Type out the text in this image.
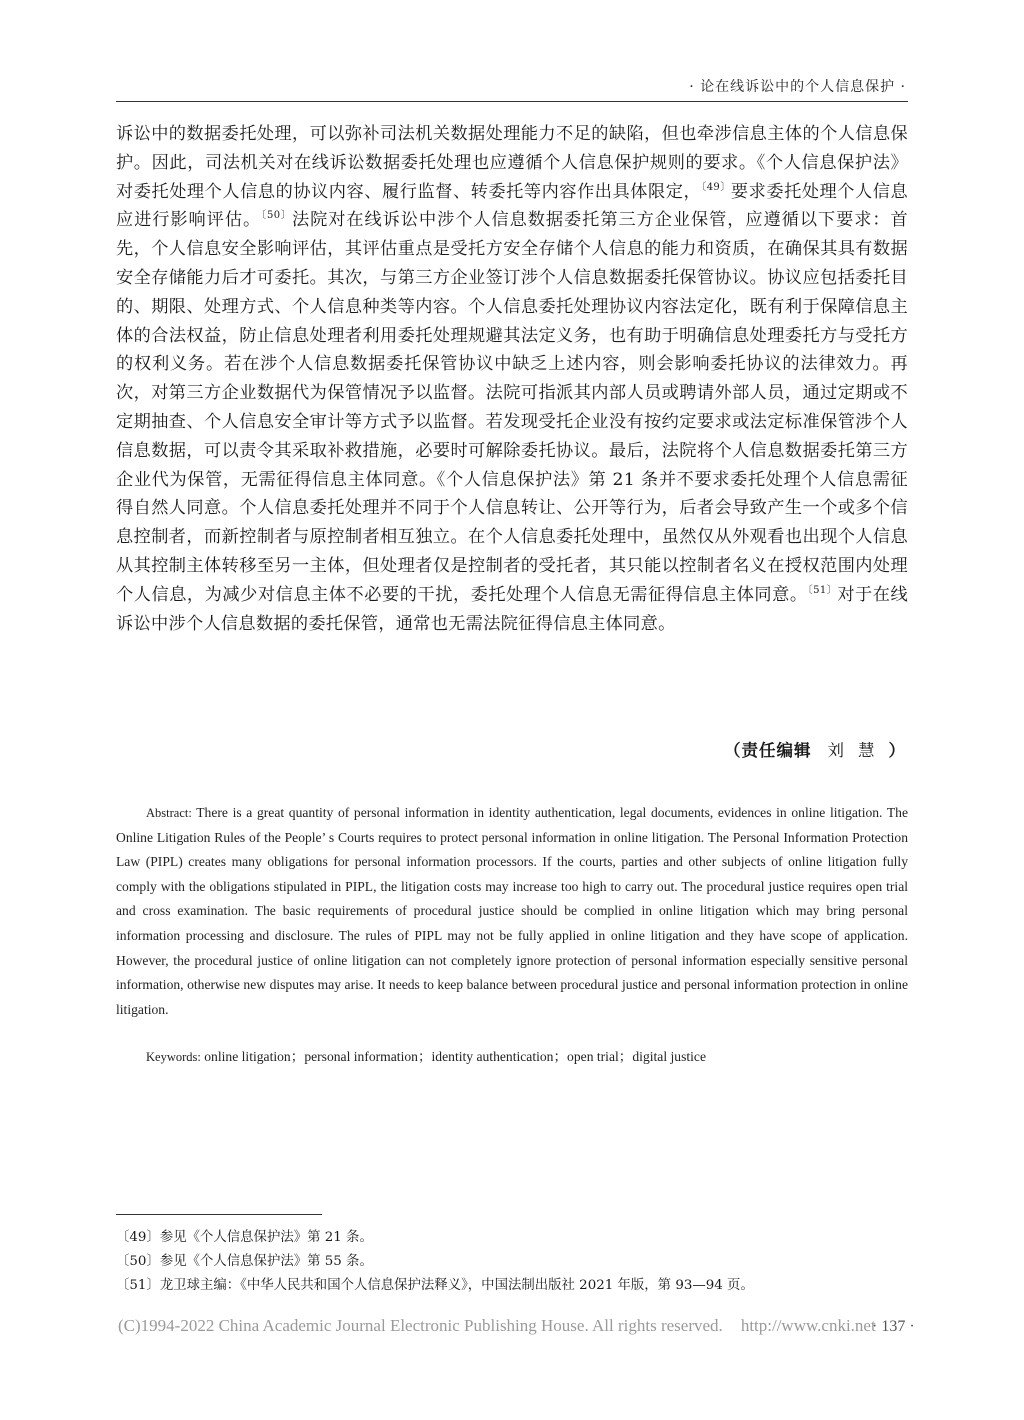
· 论在线诉讼中的个人信息保护 ·

诉讼中的数据委托处理，可以弥补司法机关数据处理能力不足的缺陷，但也牵涉信息主体的个人信息保护。因此，司法机关对在线诉讼数据委托处理也应遵循个人信息保护规则的要求。《个人信息保护法》对委托处理个人信息的协议内容、履行监督、转委托等内容作出具体限定，$^{〔49〕}$要求委托处理个人信息应进行影响评估。$^{〔50〕}$法院对在线诉讼中涉个人信息数据委托第三方企业保管，应遵循以下要求：首先，个人信息安全影响评估，其评估重点是受托方安全存储个人信息的能力和资质，在确保其具有数据安全存储能力后才可委托。其次，与第三方企业签订涉个人信息数据委托保管协议。协议应包括委托目的、期限、处理方式、个人信息种类等内容。个人信息委托处理协议内容法定化，既有利于保障信息主体的合法权益，防止信息处理者利用委托处理规避其法定义务，也有助于明确信息处理委托方与受托方的权利义务。若在涉个人信息数据委托保管协议中缺乏上述内容，则会影响委托协议的法律效力。再次，对第三方企业数据代为保管情况予以监督。法院可指派其内部人员或聘请外部人员，通过定期或不定期抽查、个人信息安全审计等方式予以监督。若发现受托企业没有按约定要求或法定标准保管涉个人信息数据，可以责令其采取补救措施，必要时可解除委托协议。最后，法院将个人信息数据委托第三方企业代为保管，无需征得信息主体同意。《个人信息保护法》第 21 条并不要求委托处理个人信息需征得自然人同意。个人信息委托处理并不同于个人信息转让、公开等行为，后者会导致产生一个或多个信息控制者，而新控制者与原控制者相互独立。在个人信息委托处理中，虽然仅从外观看也出现个人信息从其控制主体转移至另一主体，但处理者仅是控制者的受托者，其只能以控制者名义在授权范围内处理个人信息，为减少对信息主体不必要的干扰，委托处理个人信息无需征得信息主体同意。$^{〔51〕}$对于在线诉讼中涉个人信息数据的委托保管，通常也无需法院征得信息主体同意。

（责任编辑 刘慧）

Abstract: There is a great quantity of personal information in identity authentication, legal documents, evidences in online litigation. The Online Litigation Rules of the People’ s Courts requires to protect personal information in online litigation. The Personal Information Protection Law (PIPL) creates many obligations for personal information processors. If the courts, parties and other subjects of online litigation fully comply with the obligations stipulated in PIPL, the litigation costs may increase too high to carry out. The procedural justice requires open trial and cross examination. The basic requirements of procedural justice should be complied in online litigation which may bring personal information processing and disclosure. The rules of PIPL may not be fully applied in online litigation and they have scope of application. However, the procedural justice of online litigation can not completely ignore protection of personal information especially sensitive personal information, otherwise new disputes may arise. It needs to keep balance between procedural justice and personal information protection in online litigation.

Keywords: online litigation；personal information；identity authentication；open trial；digital justice
〔49〕参见《个人信息保护法》第 21 条。
〔50〕参见《个人信息保护法》第 55 条。
〔51〕龙卫球主编：《中华人民共和国个人信息保护法释义》，中国法制出版社 2021 年版，第 93—94 页。
(C)1994-2022 China Academic Journal Electronic Publishing House. All rights reserved. http://www.cnki.net
· 137 ·
